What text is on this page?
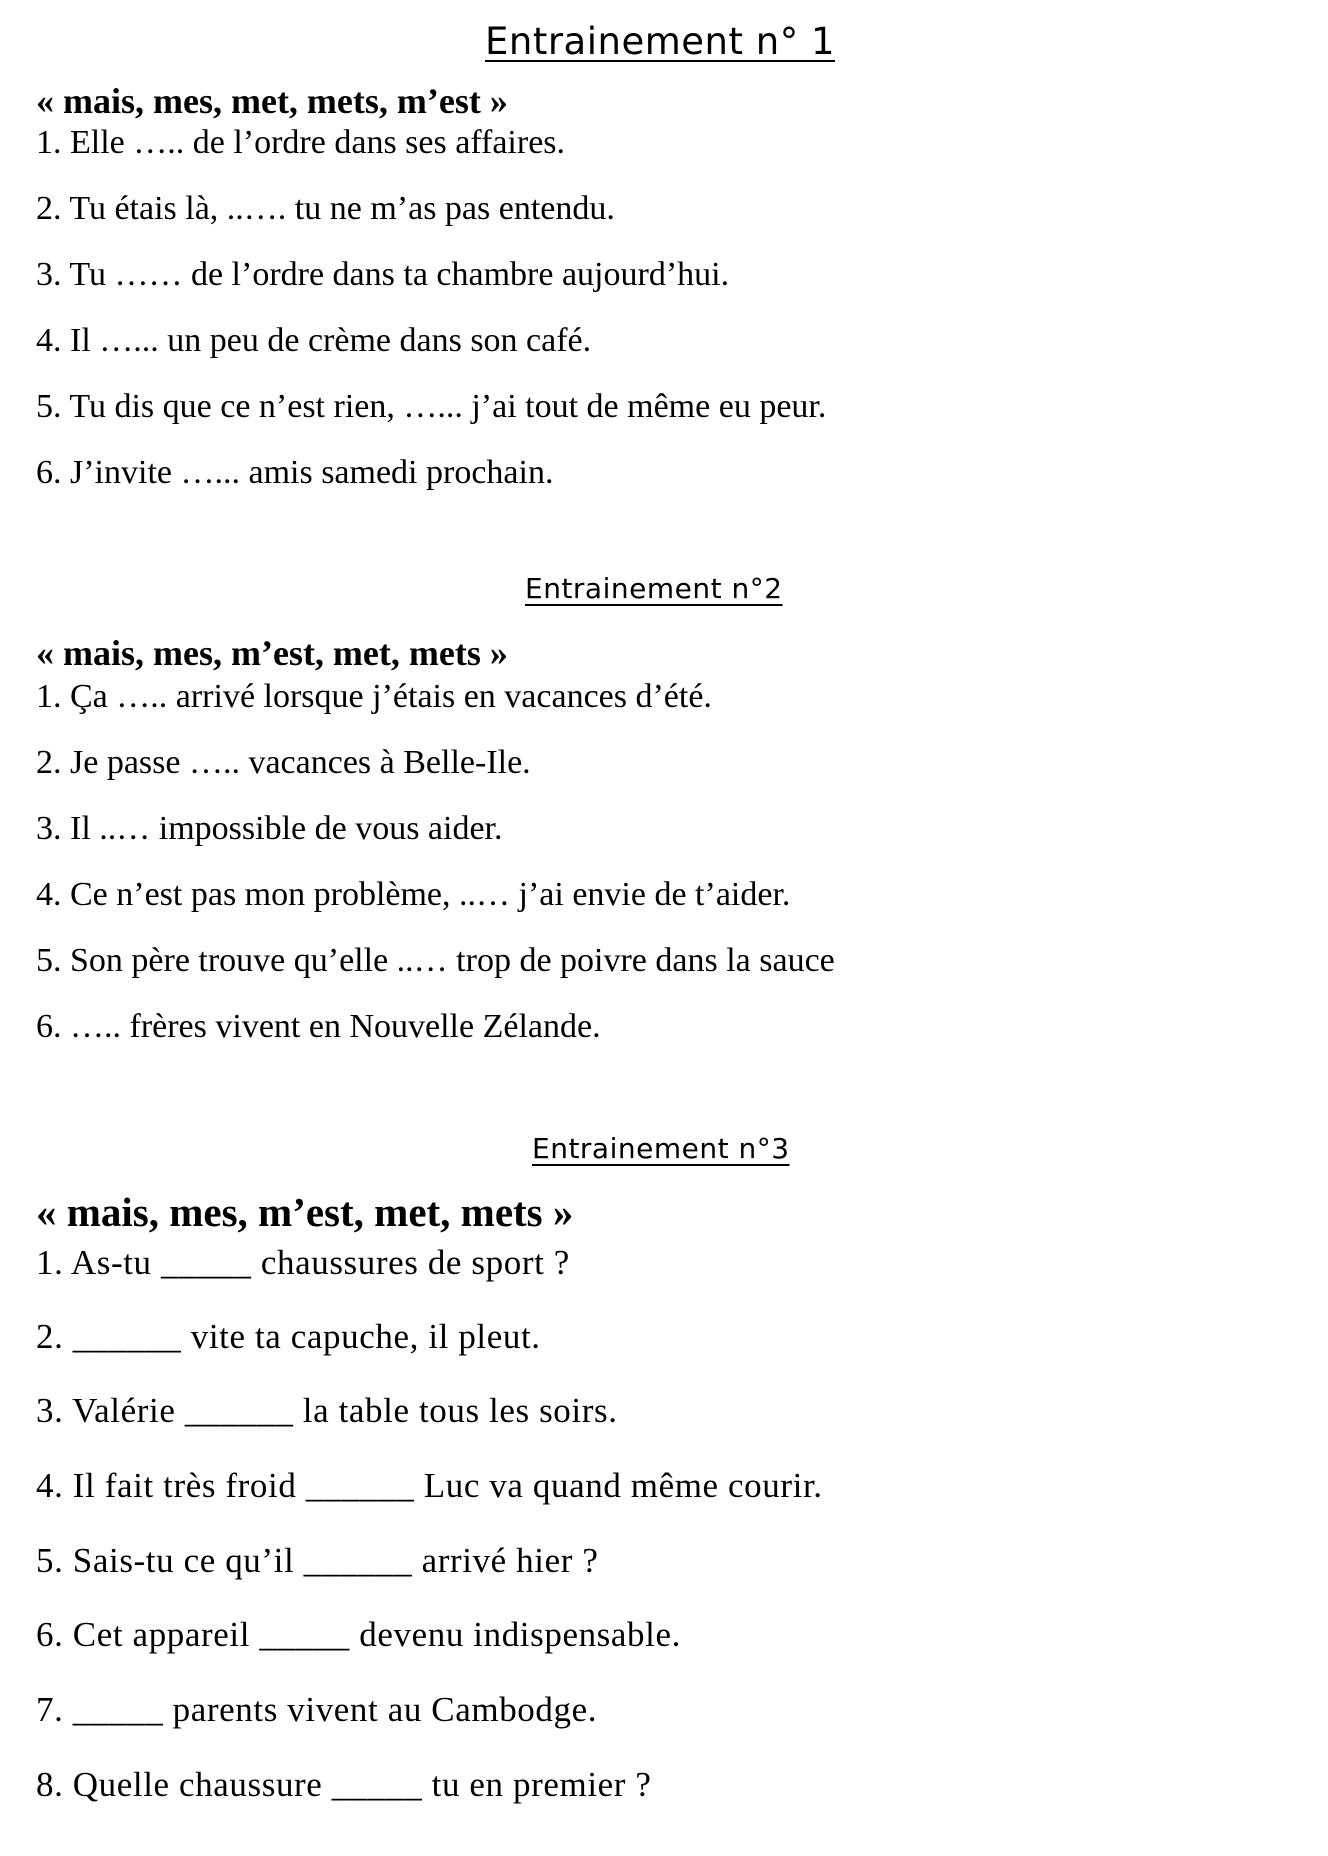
Entrainement n° 1
« mais, mes, met, mets, m’est »

1. Elle ….. de l’ordre dans ses affaires.

2. Tu étais là, ..…. tu ne m’as pas entendu.

3. Tu …… de l’ordre dans ta chambre aujourd’hui.

4. Il …... un peu de crème dans son café.

5. Tu dis que ce n’est rien, …... j’ai tout de même eu peur.

6. J’invite …... amis samedi prochain.

Entrainement n°2
« mais, mes, m’est, met, mets »

1. Ça ….. arrivé lorsque j’étais en vacances d’été.

2. Je passe ….. vacances à Belle-Ile.

3. Il ..… impossible de vous aider.

4. Ce n’est pas mon problème, ..… j’ai envie de t’aider.

5. Son père trouve qu’elle ..… trop de poivre dans la sauce

6. ….. frères vivent en Nouvelle Zélande.

Entrainement n°3
« mais, mes, m’est, met, mets »

1. As-tu _____ chaussures de sport ?

2. ______ vite ta capuche, il pleut.

3. Valérie ______ la table tous les soirs.

4. Il fait très froid ______ Luc va quand même courir.

5. Sais-tu ce qu’il ______ arrivé hier ?

6. Cet appareil _____ devenu indispensable.

7. _____ parents vivent au Cambodge.

8. Quelle chaussure _____ tu en premier ?
